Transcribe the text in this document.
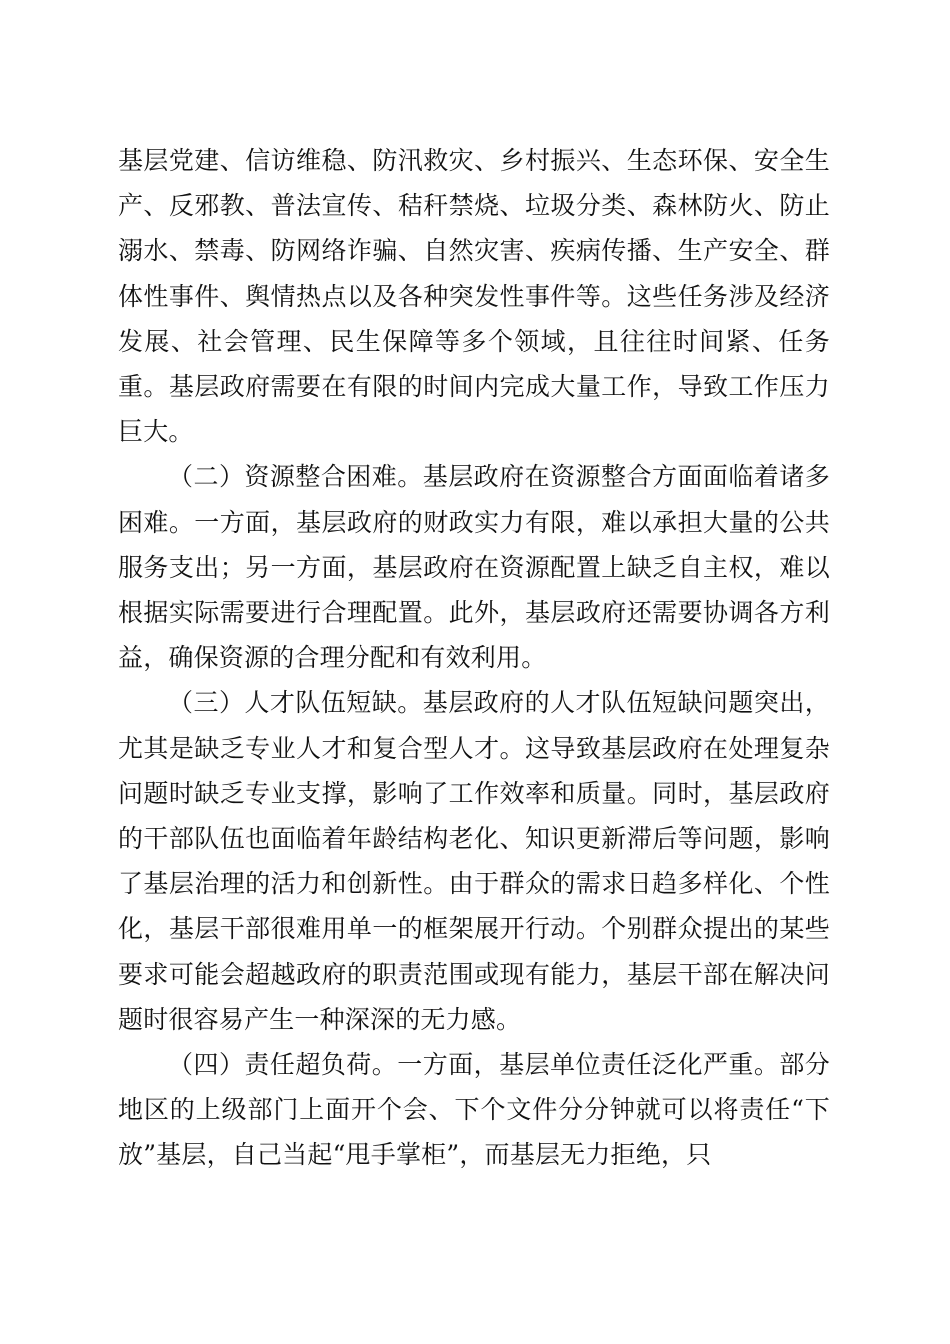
基层党建、信访维稳、防汛救灾、乡村振兴、生态环保、安全生产、反邪教、普法宣传、秸秆禁烧、垃圾分类、森林防火、防止溺水、禁毒、防网络诈骗、自然灾害、疾病传播、生产安全、群体性事件、舆情热点以及各种突发性事件等。这些任务涉及经济发展、社会管理、民生保障等多个领域，且往往时间紧、任务重。基层政府需要在有限的时间内完成大量工作，导致工作压力巨大。

（二）资源整合困难。基层政府在资源整合方面面临着诸多困难。一方面，基层政府的财政实力有限，难以承担大量的公共服务支出；另一方面，基层政府在资源配置上缺乏自主权，难以根据实际需要进行合理配置。此外，基层政府还需要协调各方利益，确保资源的合理分配和有效利用。

（三）人才队伍短缺。基层政府的人才队伍短缺问题突出，尤其是缺乏专业人才和复合型人才。这导致基层政府在处理复杂问题时缺乏专业支撑，影响了工作效率和质量。同时，基层政府的干部队伍也面临着年龄结构老化、知识更新滞后等问题，影响了基层治理的活力和创新性。由于群众的需求日趋多样化、个性化，基层干部很难用单一的框架展开行动。个别群众提出的某些要求可能会超越政府的职责范围或现有能力，基层干部在解决问题时很容易产生一种深深的无力感。

（四）责任超负荷。一方面，基层单位责任泛化严重。部分地区的上级部门上面开个会、下个文件分分钟就可以将责任“下放”基层，自己当起“甩手掌柜”，而基层无力拒绝，只
